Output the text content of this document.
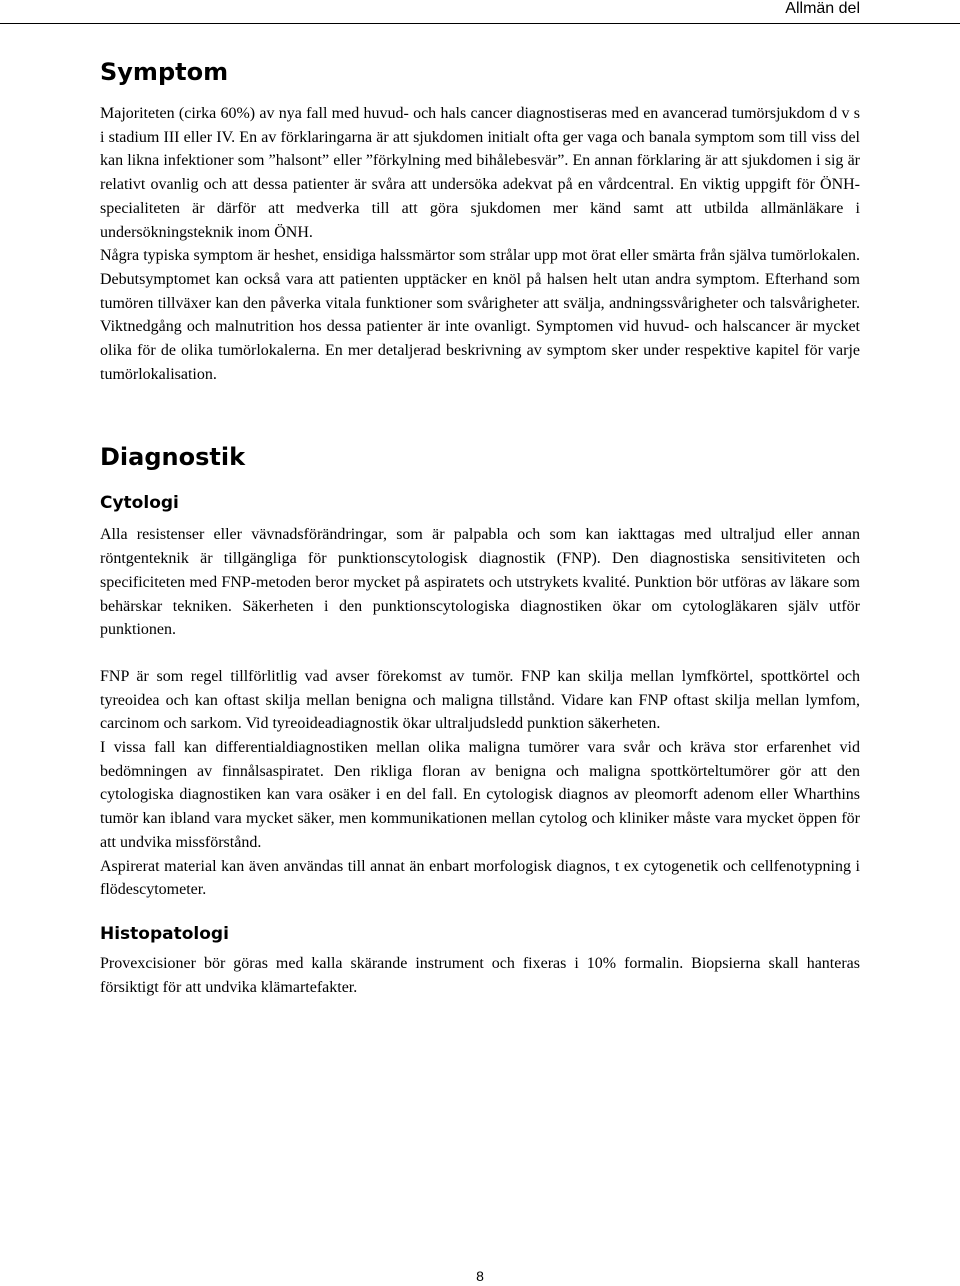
Allmän del
Symptom

Majoriteten (cirka 60%) av nya fall med huvud- och hals cancer diagnostiseras med en avancerad tumörsjukdom d v s i stadium III eller IV. En av förklaringarna är att sjukdomen initialt ofta ger vaga och banala symptom som till viss del kan likna infektioner som ”halsont” eller ”förkylning med bihålebesvär”. En annan förklaring är att sjukdomen i sig är relativt ovanlig och att dessa patienter är svåra att undersöka adekvat på en vårdcentral. En viktig uppgift för ÖNH-specialiteten är därför att medverka till att göra sjukdomen mer känd samt att utbilda allmänläkare i undersökningsteknik inom ÖNH.

Några typiska symptom är heshet, ensidiga halssmärtor som strålar upp mot örat eller smärta från själva tumörlokalen. Debutsymptomet kan också vara att patienten upptäcker en knöl på halsen helt utan andra symptom. Efterhand som tumören tillväxer kan den påverka vitala funktioner som svårigheter att svälja, andningssvårigheter och talsvårigheter. Viktnedgång och malnutrition hos dessa patienter är inte ovanligt. Symptomen vid huvud- och halscancer är mycket olika för de olika tumörlokalerna. En mer detaljerad beskrivning av symptom sker under respektive kapitel för varje tumörlokalisation.

Diagnostik
Cytologi

Alla resistenser eller vävnadsförändringar, som är palpabla och som kan iakttagas med ultraljud eller annan röntgenteknik är tillgängliga för punktionscytologisk diagnostik (FNP). Den diagnostiska sensitiviteten och specificiteten med FNP-metoden beror mycket på aspiratets och utstrykets kvalité. Punktion bör utföras av läkare som behärskar tekniken. Säkerheten i den punktionscytologiska diagnostiken ökar om cytologläkaren själv utför punktionen.

FNP är som regel tillförlitlig vad avser förekomst av tumör. FNP kan skilja mellan lymfkörtel, spottkörtel och tyreoidea och kan oftast skilja mellan benigna och maligna tillstånd. Vidare kan FNP oftast skilja mellan lymfom, carcinom och sarkom. Vid tyreoideadiagnostik ökar ultraljudsledd punktion säkerheten.

I vissa fall kan differentialdiagnostiken mellan olika maligna tumörer vara svår och kräva stor erfarenhet vid bedömningen av finnålsaspiratet. Den rikliga floran av benigna och maligna spottkörteltumörer gör att den cytologiska diagnostiken kan vara osäker i en del fall. En cytologisk diagnos av pleomorft adenom eller Wharthins tumör kan ibland vara mycket säker, men kommunikationen mellan cytolog och kliniker måste vara mycket öppen för att undvika missförstånd.

Aspirerat material kan även användas till annat än enbart morfologisk diagnos, t ex cytogenetik och cellfenotypning i flödescytometer.

Histopatologi

Provexcisioner bör göras med kalla skärande instrument och fixeras i 10% formalin. Biopsierna skall hanteras försiktigt för att undvika klämartefakter.

8
